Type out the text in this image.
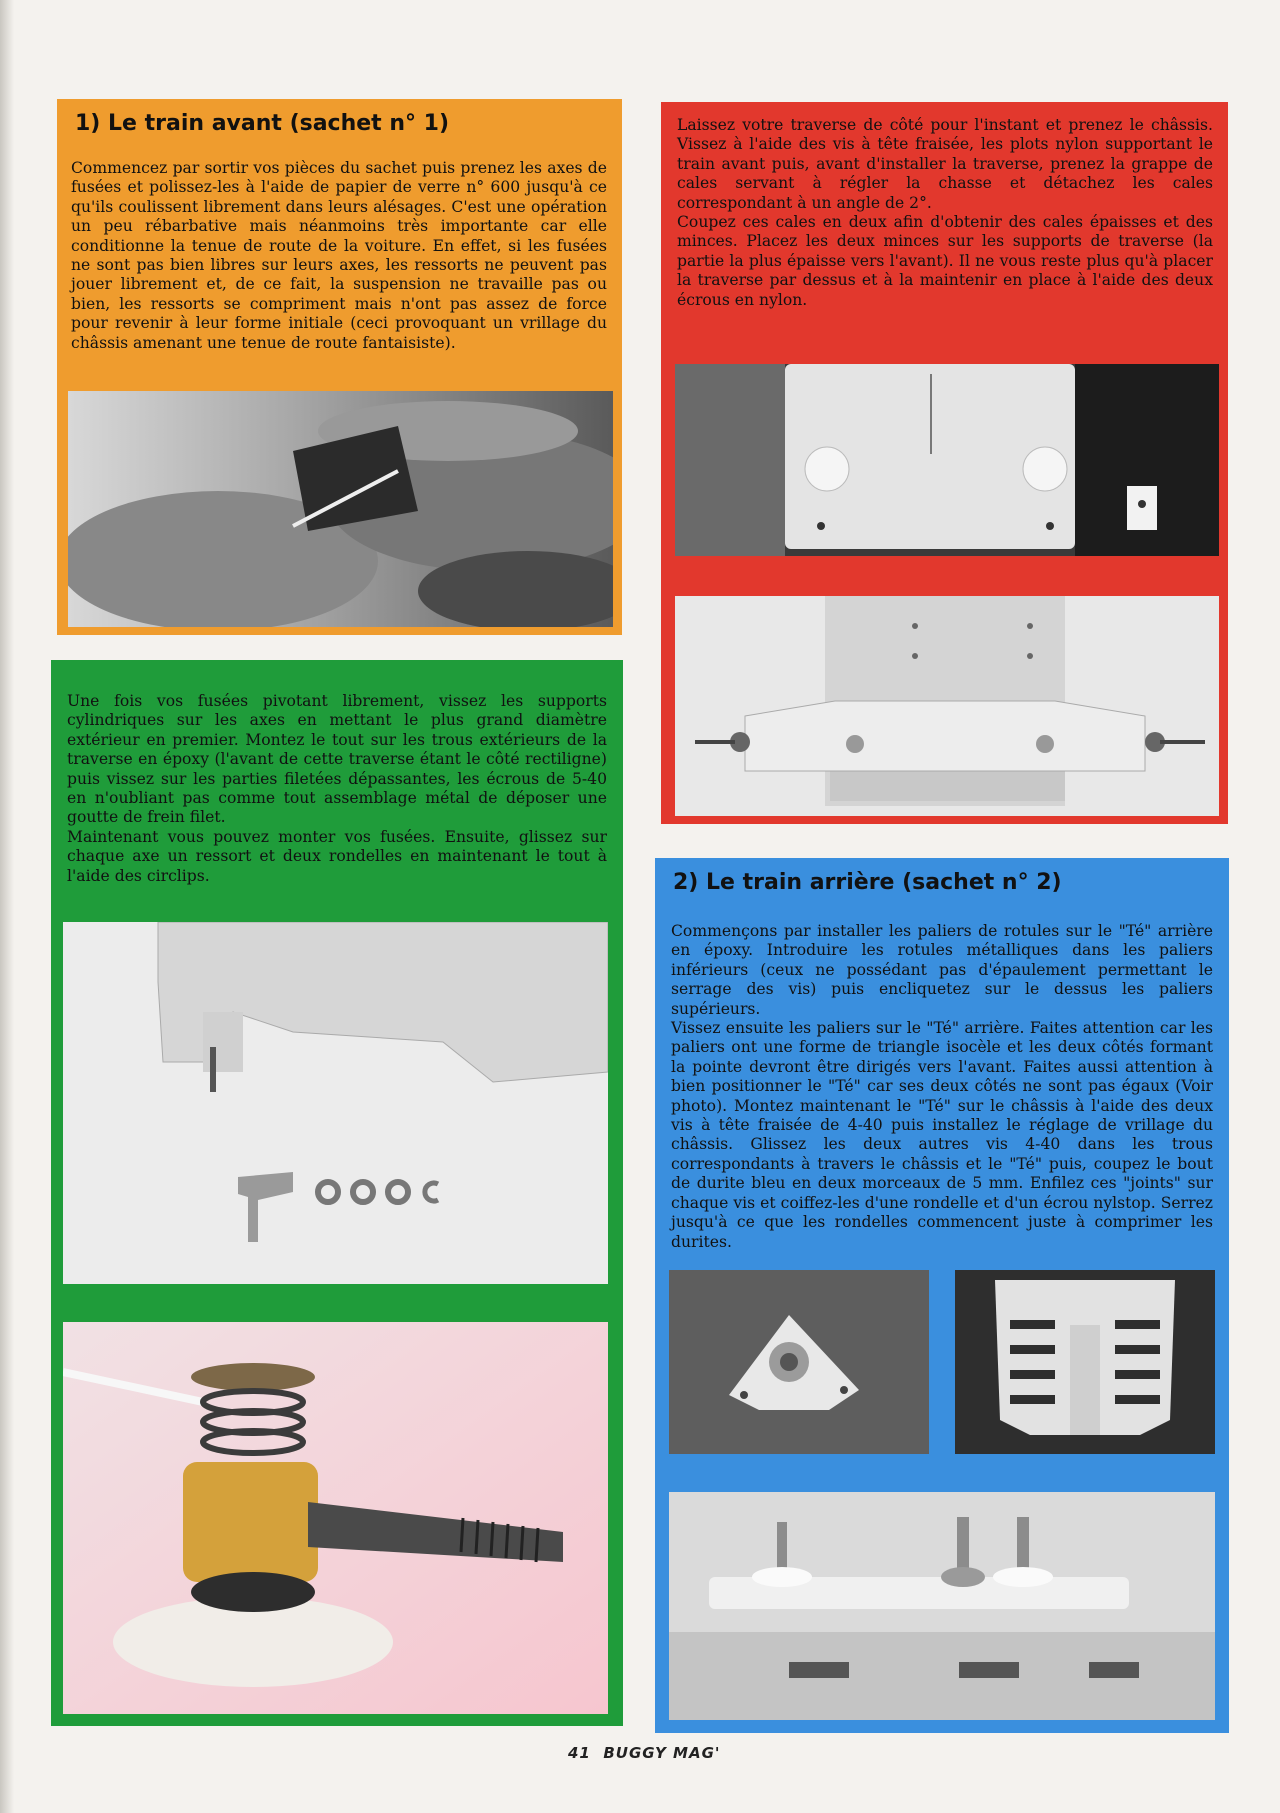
1) Le train avant (sachet n° 1)

Commencez par sortir vos pièces du sachet puis prenez les axes de fusées et polissez-les à l'aide de papier de verre n° 600 jusqu'à ce qu'ils coulissent librement dans leurs alésages. C'est une opération un peu rébarbative mais néanmoins très importante car elle conditionne la tenue de route de la voiture. En effet, si les fusées ne sont pas bien libres sur leurs axes, les ressorts ne peuvent pas jouer librement et, de ce fait, la suspension ne travaille pas ou bien, les ressorts se compriment mais n'ont pas assez de force pour revenir à leur forme initiale (ceci provoquant un vrillage du châssis amenant une tenue de route fantaisiste).

Laissez votre traverse de côté pour l'instant et prenez le châssis. Vissez à l'aide des vis à tête fraisée, les plots nylon supportant le train avant puis, avant d'installer la traverse, prenez la grappe de cales servant à régler la chasse et détachez les cales correspondant à un angle de 2°.

Coupez ces cales en deux afin d'obtenir des cales épaisses et des minces. Placez les deux minces sur les supports de traverse (la partie la plus épaisse vers l'avant). Il ne vous reste plus qu'à placer la traverse par dessus et à la maintenir en place à l'aide des deux écrous en nylon.

Une fois vos fusées pivotant librement, vissez les supports cylindriques sur les axes en mettant le plus grand diamètre extérieur en premier. Montez le tout sur les trous extérieurs de la traverse en époxy (l'avant de cette traverse étant le côté rectiligne) puis vissez sur les parties filetées dépassantes, les écrous de 5-40 en n'oubliant pas comme tout assemblage métal de déposer une goutte de frein filet.

Maintenant vous pouvez monter vos fusées. Ensuite, glissez sur chaque axe un ressort et deux rondelles en maintenant le tout à l'aide des circlips.	2) Le train arrière (sachet n° 2)

Commençons par installer les paliers de rotules sur le "Té" arrière en époxy. Introduire les rotules métalliques dans les paliers inférieurs (ceux ne possédant pas d'épaulement permettant le serrage des vis) puis encliquetez sur le dessus les paliers supérieurs.

Vissez ensuite les paliers sur le "Té" arrière. Faites attention car les paliers ont une forme de triangle isocèle et les deux côtés formant la pointe devront être dirigés vers l'avant. Faites aussi attention à bien positionner le "Té" car ses deux côtés ne sont pas égaux (Voir photo). Montez maintenant le "Té" sur le châssis à l'aide des deux vis à tête fraisée de 4-40 puis installez le réglage de vrillage du châssis. Glissez les deux autres vis 4-40 dans les trous correspondants à travers le châssis et le "Té" puis, coupez le bout de durite bleu en deux morceaux de 5 mm. Enfilez ces "joints" sur chaque vis et coiffez-les d'une rondelle et d'un écrou nylstop. Serrez jusqu'à ce que les rondelles commencent juste à comprimer les durites.

41 BUGGY MAG'
